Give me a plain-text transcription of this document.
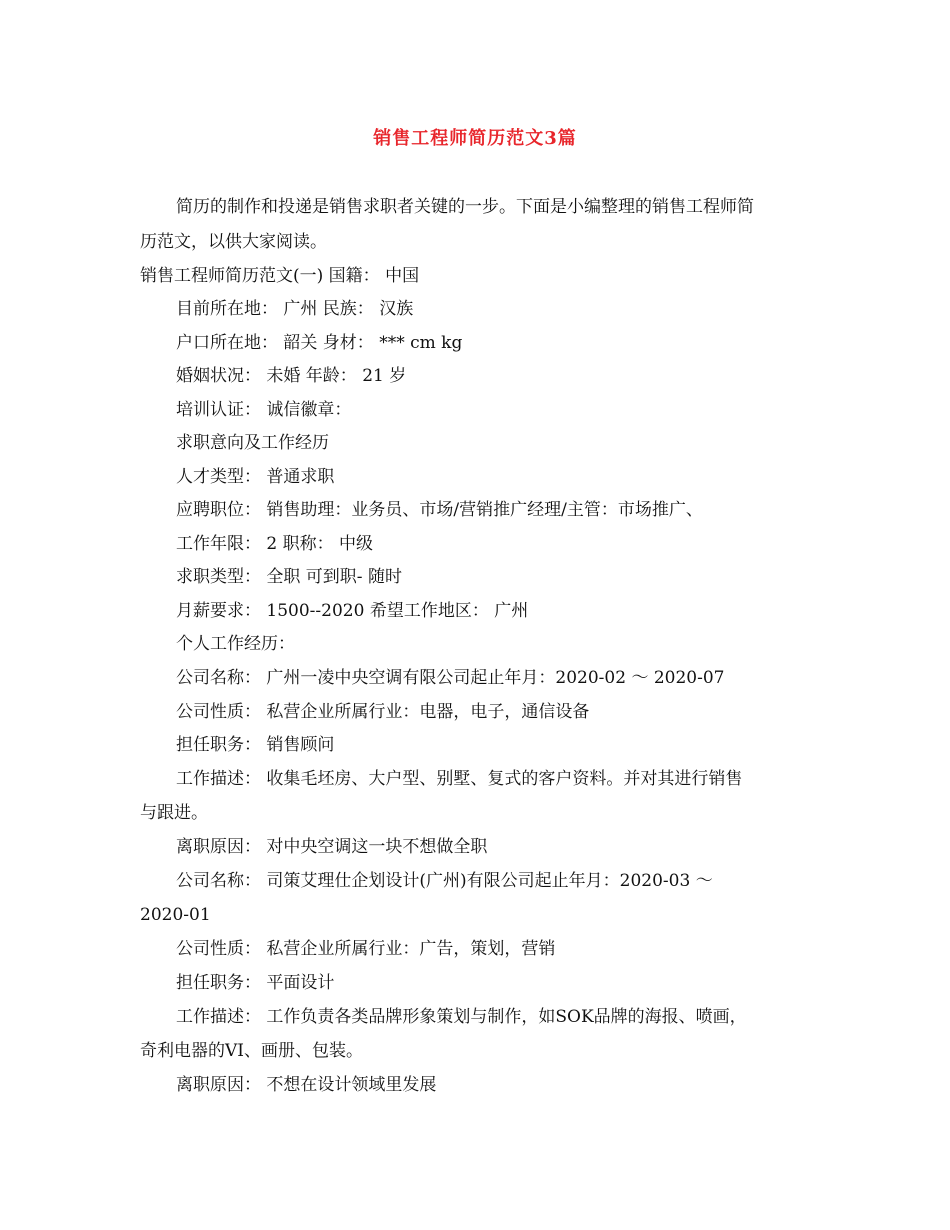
销售工程师简历范文3篇
简历的制作和投递是销售求职者关键的一步。下面是小编整理的销售工程师简
历范文，以供大家阅读。
销售工程师简历范文(一) 国籍： 中国
目前所在地： 广州 民族： 汉族
户口所在地： 韶关 身材： *** cm kg
婚姻状况： 未婚 年龄： 21 岁
培训认证： 诚信徽章：
求职意向及工作经历
人才类型： 普通求职
应聘职位： 销售助理：业务员、市场/营销推广经理/主管：市场推广、
工作年限： 2 职称： 中级
求职类型： 全职 可到职- 随时
月薪要求： 1500--2020 希望工作地区： 广州
个人工作经历：
公司名称： 广州一凌中央空调有限公司起止年月：2020-02 ～ 2020-07
公司性质： 私营企业所属行业：电器，电子，通信设备
担任职务： 销售顾问
工作描述： 收集毛坯房、大户型、别墅、复式的客户资料。并对其进行销售
与跟进。
离职原因： 对中央空调这一块不想做全职
公司名称： 司策艾理仕企划设计(广州)有限公司起止年月：2020-03 ～
2020-01
公司性质： 私营企业所属行业：广告，策划，营销
担任职务： 平面设计
工作描述： 工作负责各类品牌形象策划与制作，如SOK品牌的海报、喷画，
奇利电器的VI、画册、包装。
离职原因： 不想在设计领域里发展
